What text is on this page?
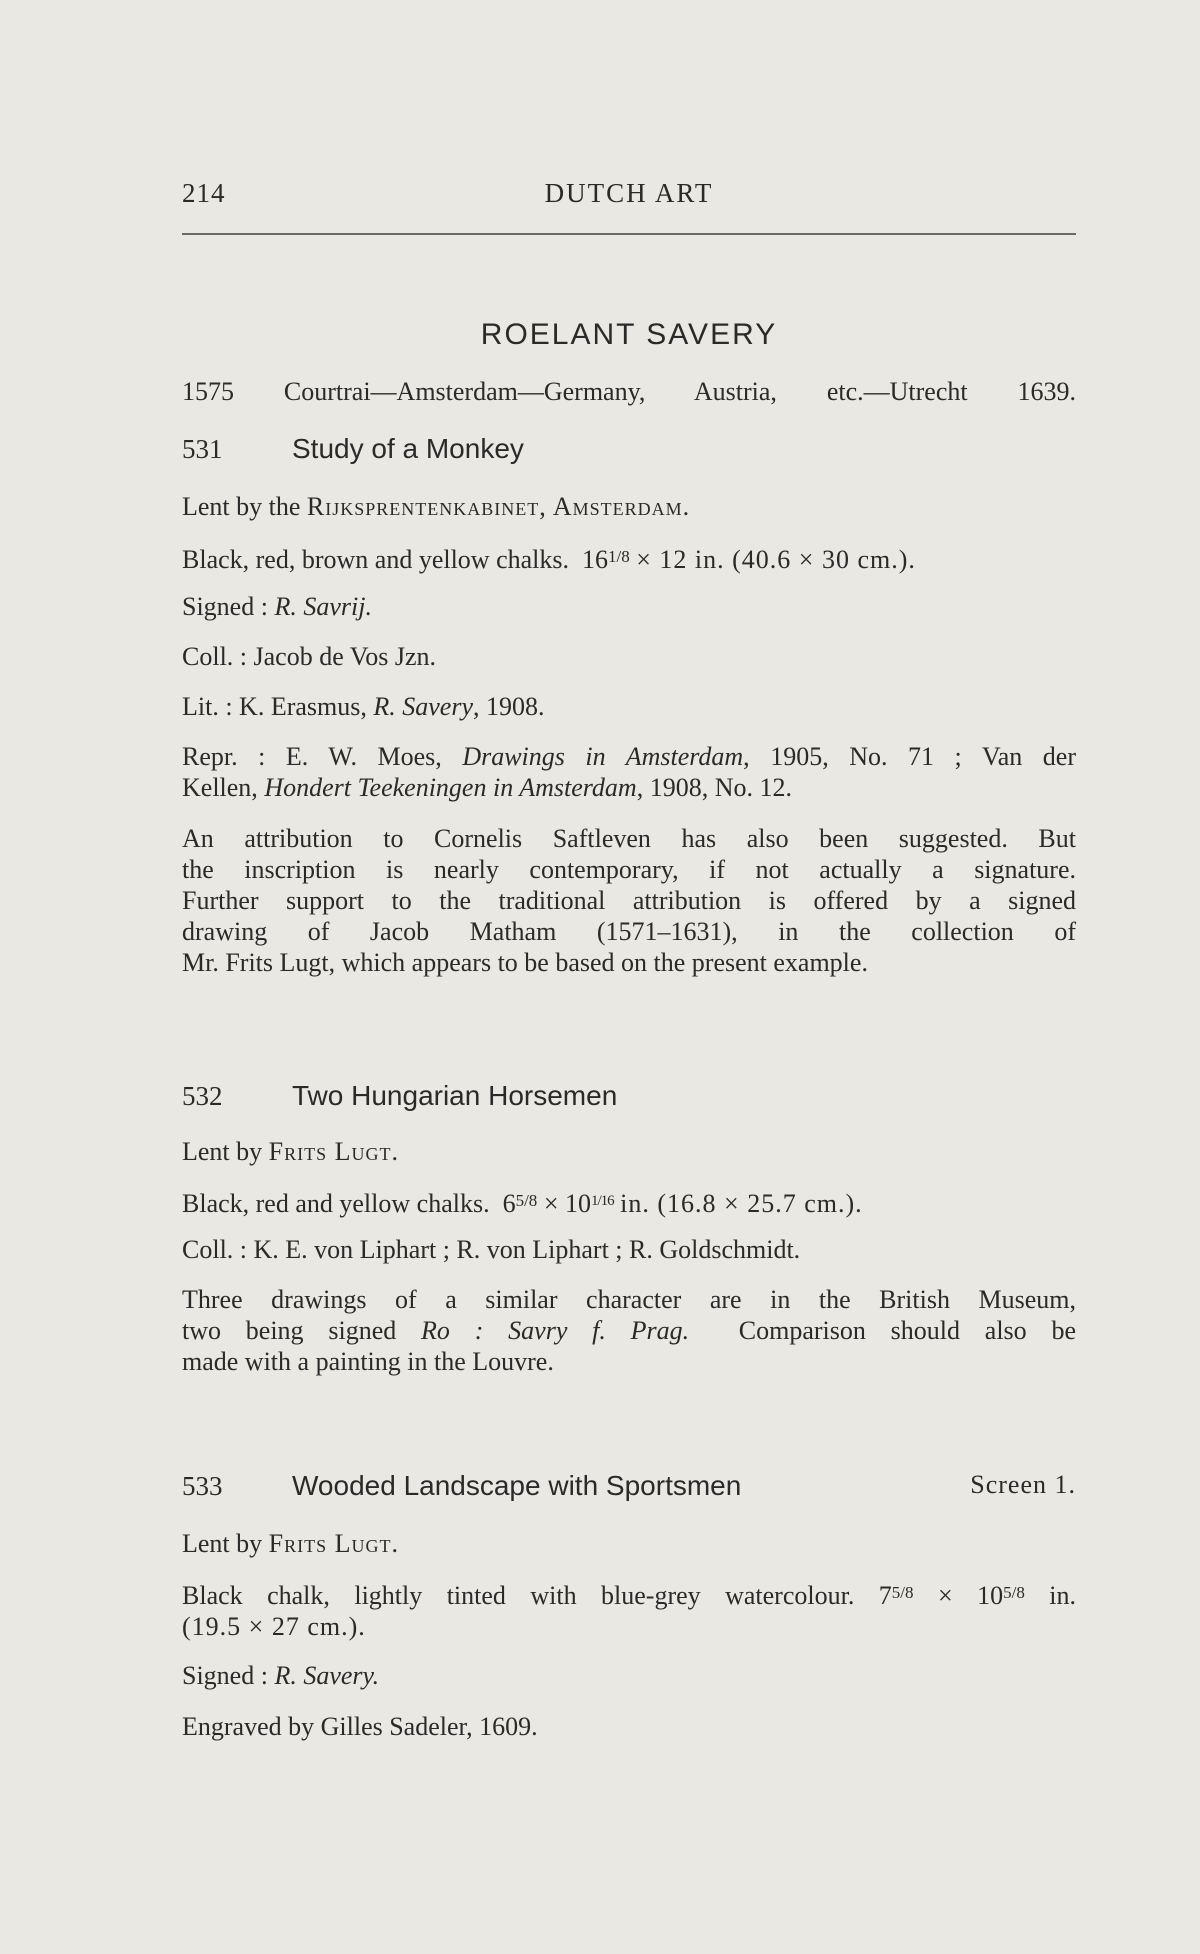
214	DUTCH ART
ROELANT SAVERY
1575 Courtrai—Amsterdam—Germany, Austria, etc.—Utrecht 1639.
531 Study of a Monkey
Lent by the Rijksprentenkabinet, Amsterdam.
Black, red, brown and yellow chalks. $16^{1/8} \times 12$ in. (40.6 × 30 cm.).
Signed : R. Savrij.
Coll. : Jacob de Vos Jzn.
Lit. : K. Erasmus, R. Savery, 1908.
Repr. : E. W. Moes, Drawings in Amsterdam, 1905, No. 71 ; Van der
Kellen, Hondert Teekeningen in Amsterdam, 1908, No. 12.
An attribution to Cornelis Saftleven has also been suggested. But
the inscription is nearly contemporary, if not actually a signature.
Further support to the traditional attribution is offered by a signed
drawing of Jacob Matham (1571–1631), in the collection of
Mr. Frits Lugt, which appears to be based on the present example.
532 Two Hungarian Horsemen
Lent by Frits Lugt.
Black, red and yellow chalks. $6^{5/8} \times 10^{1/16}$ in. (16.8 × 25.7 cm.).
Coll. : K. E. von Liphart ; R. von Liphart ; R. Goldschmidt.
Three drawings of a similar character are in the British Museum,
two being signed Ro : Savry f. Prag. Comparison should also be
made with a painting in the Louvre.
533 Wooded Landscape with Sportsmen	Screen 1.
Lent by Frits Lugt.
Black chalk, lightly tinted with blue-grey watercolour. $7^{5/8} \times 10^{5/8}$ in.
(19.5 × 27 cm.).
Signed : R. Savery.
Engraved by Gilles Sadeler, 1609.
